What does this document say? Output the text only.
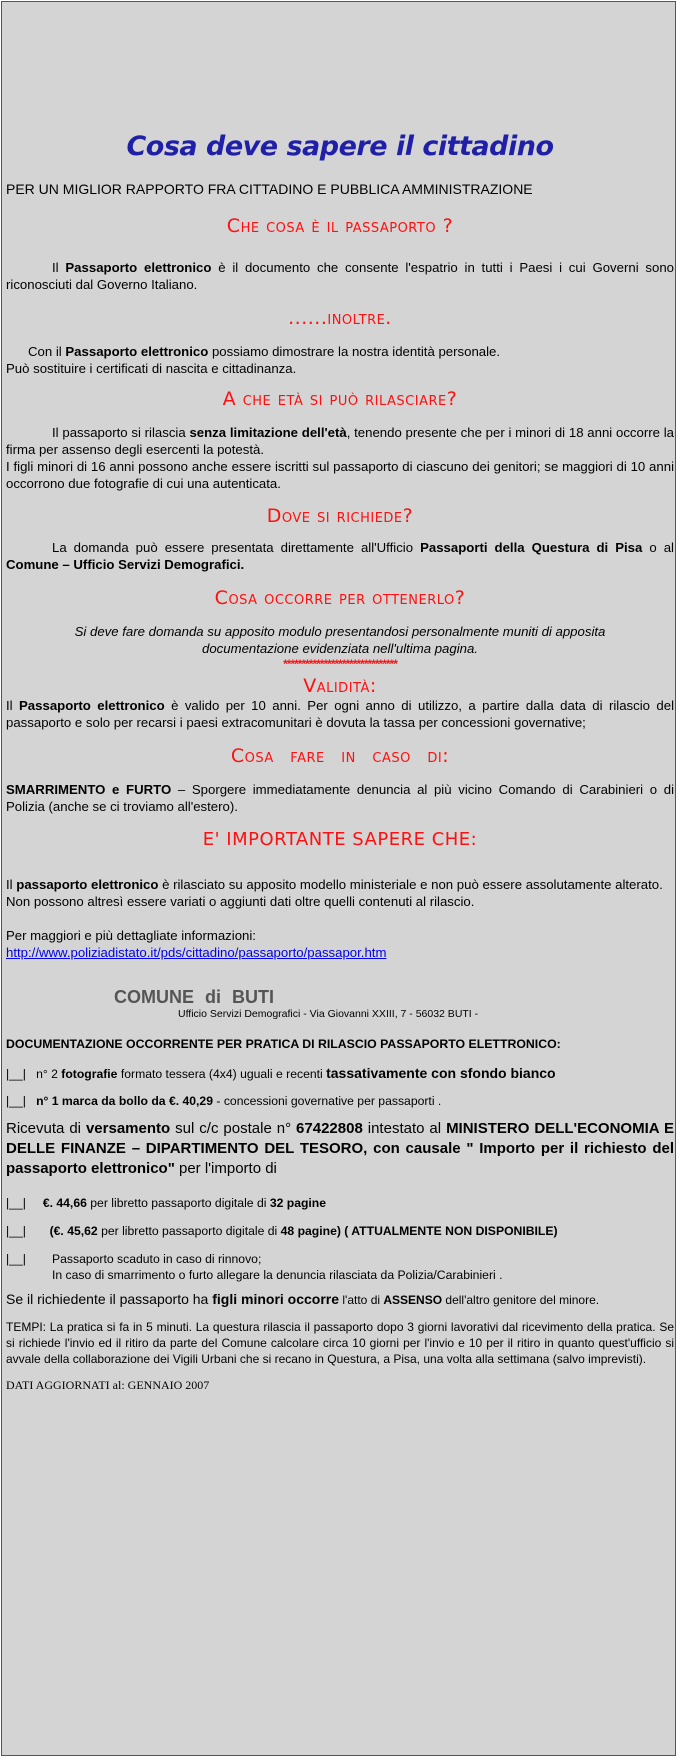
Cosa deve sapere il cittadino
PER UN MIGLIOR RAPPORTO FRA CITTADINO E PUBBLICA AMMINISTRAZIONE
Che cosa è il passaporto ?

Il Passaporto elettronico è il documento che consente l'espatrio in tutti i Paesi i cui Governi sono riconosciuti dal Governo Italiano.

......inoltre.

Con il Passaporto elettronico possiamo dimostrare la nostra identità personale.

Può sostituire i certificati di nascita e cittadinanza.

A che età si può rilasciare?

Il passaporto si rilascia senza limitazione dell'età, tenendo presente che per i minori di 18 anni occorre la firma per assenso degli esercenti la potestà.

I figli minori di 16 anni possono anche essere iscritti sul passaporto di ciascuno dei genitori; se maggiori di 10 anni occorrono due fotografie di cui una autenticata.

Dove si richiede?

La domanda può essere presentata direttamente all'Ufficio Passaporti della Questura di Pisa o al Comune – Ufficio Servizi Demografici.

Cosa occorre per ottenerlo?

Si deve fare domanda su apposito modulo presentandosi personalmente muniti di apposita documentazione evidenziata nell'ultima pagina.

*******************************
Validità:

Il Passaporto elettronico è valido per 10 anni. Per ogni anno di utilizzo, a partire dalla data di rilascio del passaporto e solo per recarsi i paesi extracomunitari è dovuta la tassa per concessioni governative;

Cosa fare in caso di:

SMARRIMENTO e FURTO – Sporgere immediatamente denuncia al più vicino Comando di Carabinieri o di Polizia (anche se ci troviamo all'estero).

E' IMPORTANTE SAPERE CHE:

Il passaporto elettronico è rilasciato su apposito modello ministeriale e non può essere assolutamente alterato.

Non possono altresì essere variati o aggiunti dati oltre quelli contenuti al rilascio.

Per maggiori e più dettagliate informazioni:

http://www.poliziadistato.it/pds/cittadino/passaporto/passapor.htm

COMUNE di BUTI
Ufficio Servizi Demografici - Via Giovanni XXIII, 7 - 56032 BUTI -

DOCUMENTAZIONE OCCORRENTE PER PRATICA DI RILASCIO PASSAPORTO ELETTRONICO:

|__| n° 2 fotografie formato tessera (4x4) uguali e recenti tassativamente con sfondo bianco

|__| n° 1 marca da bollo da €. 40,29 - concessioni governative per passaporti .

Ricevuta di versamento sul c/c postale n° 67422808 intestato al MINISTERO DELL'ECONOMIA E DELLE FINANZE – DIPARTIMENTO DEL TESORO, con causale " Importo per il richiesto del passaporto elettronico" per l'importo di

|__| €. 44,66 per libretto passaporto digitale di 32 pagine

|__| (€. 45,62 per libretto passaporto digitale di 48 pagine) ( ATTUALMENTE NON DISPONIBILE)

|__|	Passaporto scaduto in caso di rinnovo;
In caso di smarrimento o furto allegare la denuncia rilasciata da Polizia/Carabinieri .

Se il richiedente il passaporto ha figli minori occorre l'atto di ASSENSO dell'altro genitore del minore.

TEMPI: La pratica si fa in 5 minuti. La questura rilascia il passaporto dopo 3 giorni lavorativi dal ricevimento della pratica. Se si richiede l'invio ed il ritiro da parte del Comune calcolare circa 10 giorni per l'invio e 10 per il ritiro in quanto quest'ufficio si avvale della collaborazione dei Vigili Urbani che si recano in Questura, a Pisa, una volta alla settimana (salvo imprevisti).

DATI AGGIORNATI al: GENNAIO 2007
